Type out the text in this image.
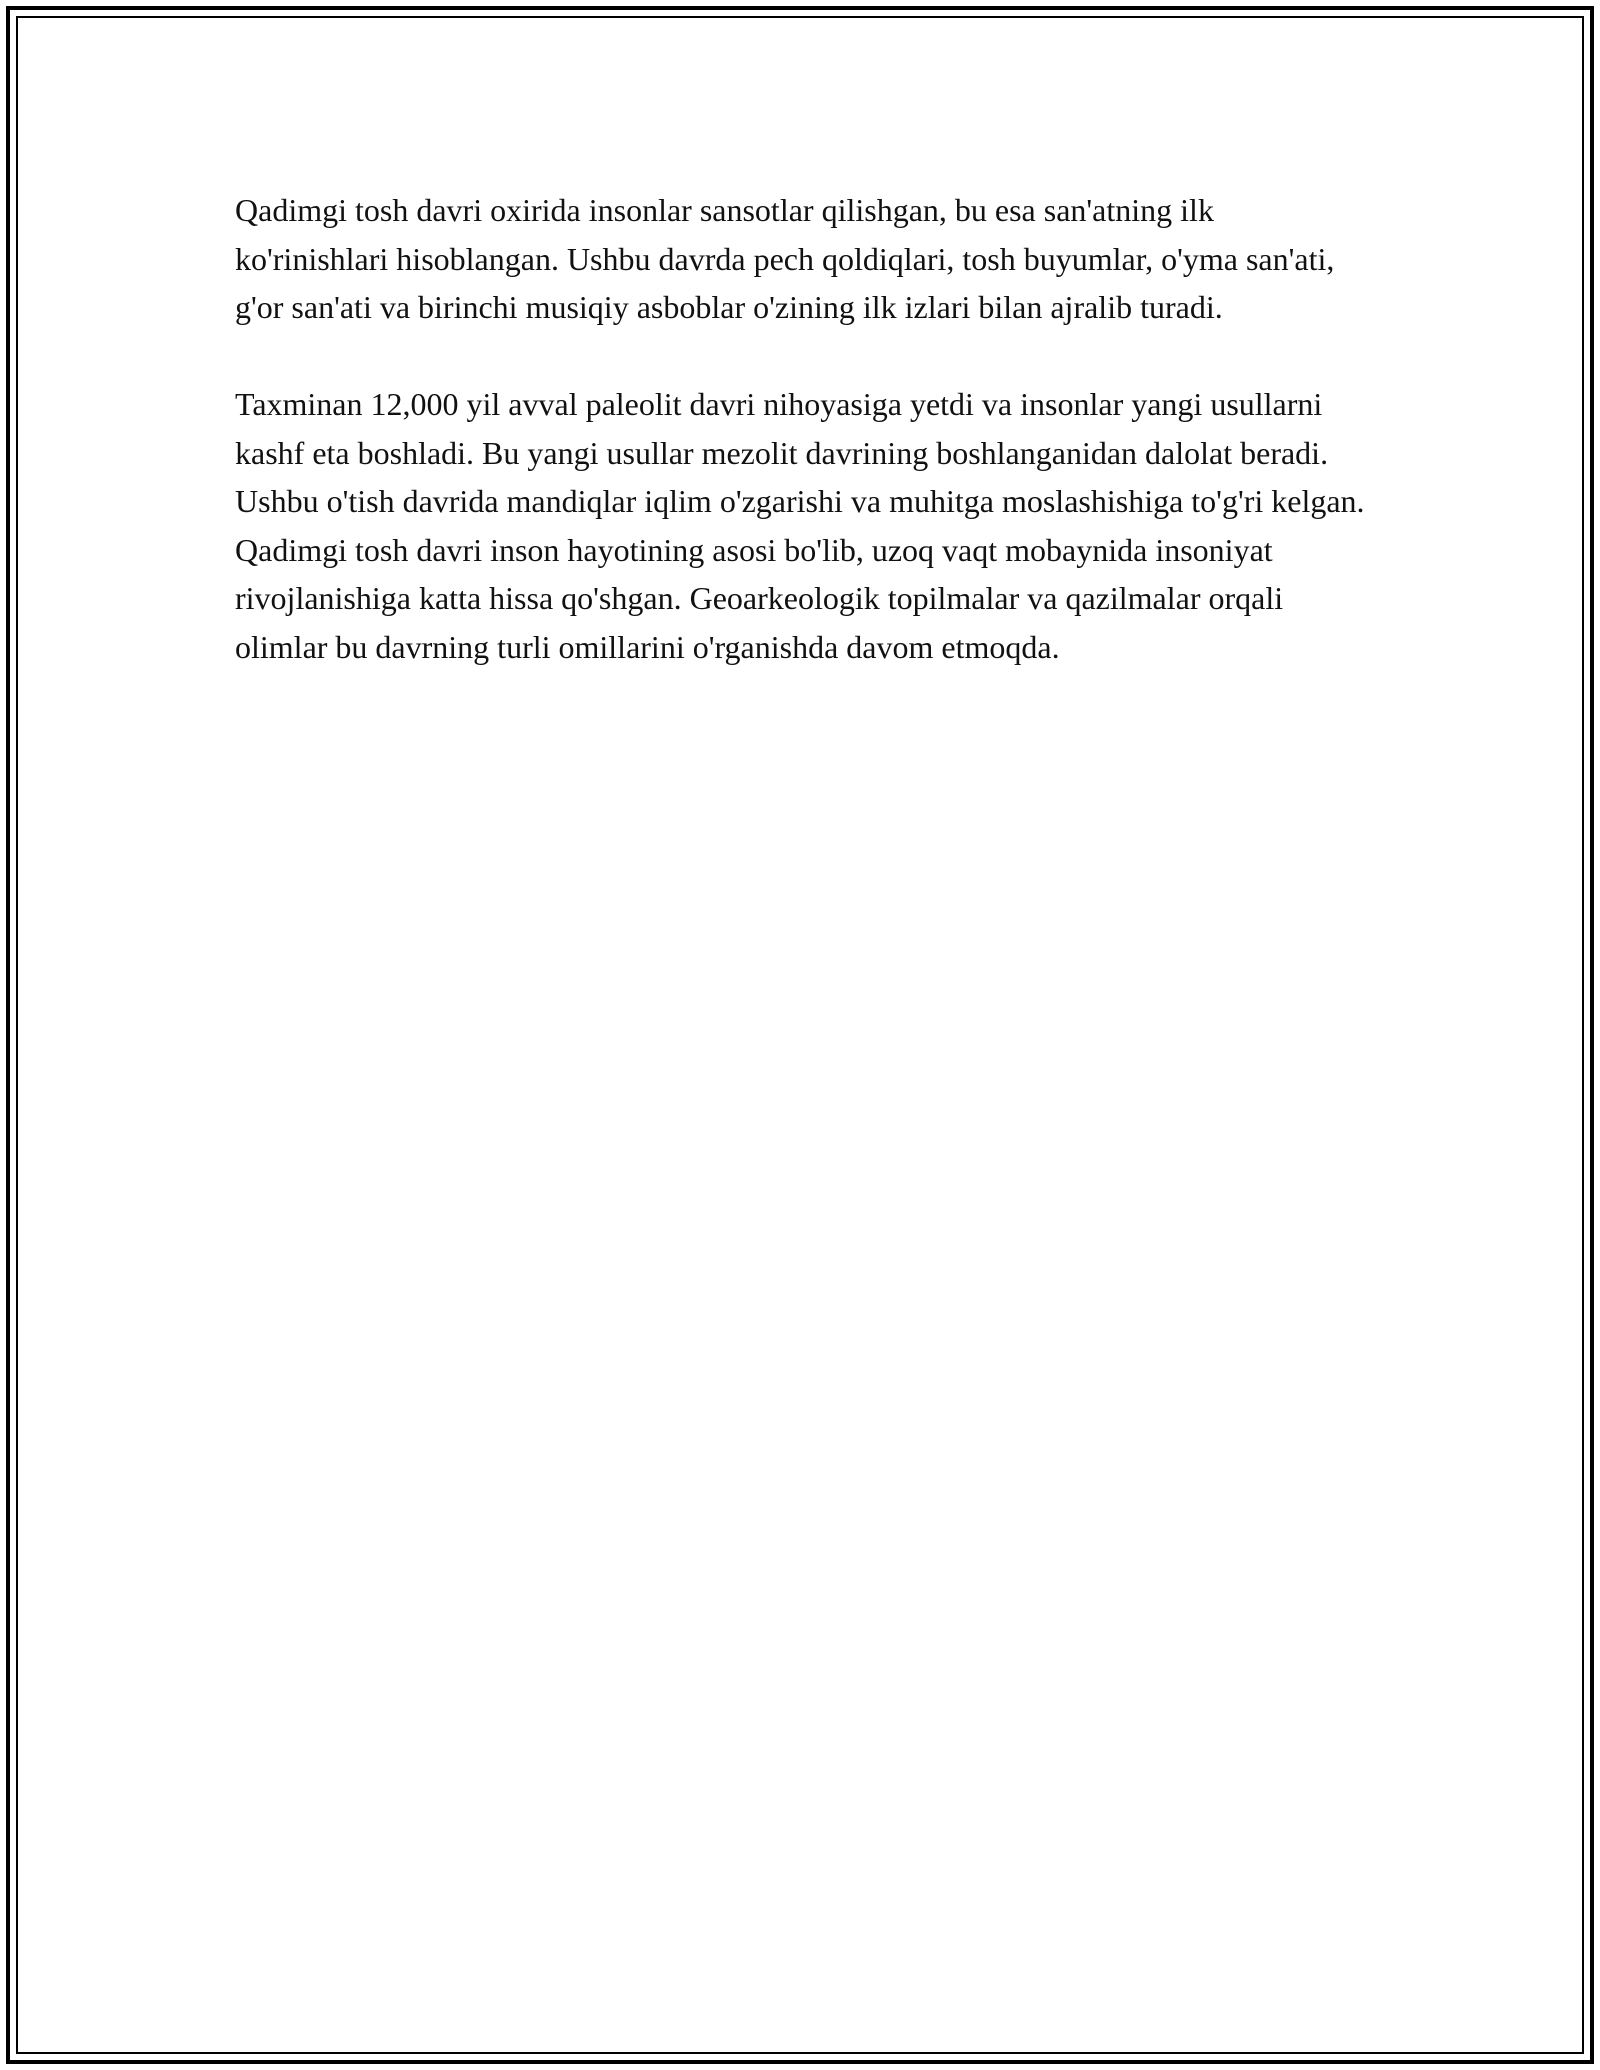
Qadimgi tosh davri oxirida insonlar sansotlar qilishgan, bu esa san'atning ilk ko'rinishlari hisoblangan. Ushbu davrda pech qoldiqlari, tosh buyumlar, o'yma san'ati, g'or san'ati va birinchi musiqiy asboblar o'zining ilk izlari bilan ajralib turadi.

Taxminan 12,000 yil avval paleolit davri nihoyasiga yetdi va insonlar yangi usullarni kashf eta boshladi. Bu yangi usullar mezolit davrining boshlanganidan dalolat beradi. Ushbu o'tish davrida mandiqlar iqlim o'zgarishi va muhitga moslashishiga to'g'ri kelgan. Qadimgi tosh davri inson hayotining asosi bo'lib, uzoq vaqt mobaynida insoniyat rivojlanishiga katta hissa qo'shgan. Geoarkeologik topilmalar va qazilmalar orqali olimlar bu davrning turli omillarini o'rganishda davom etmoqda.
